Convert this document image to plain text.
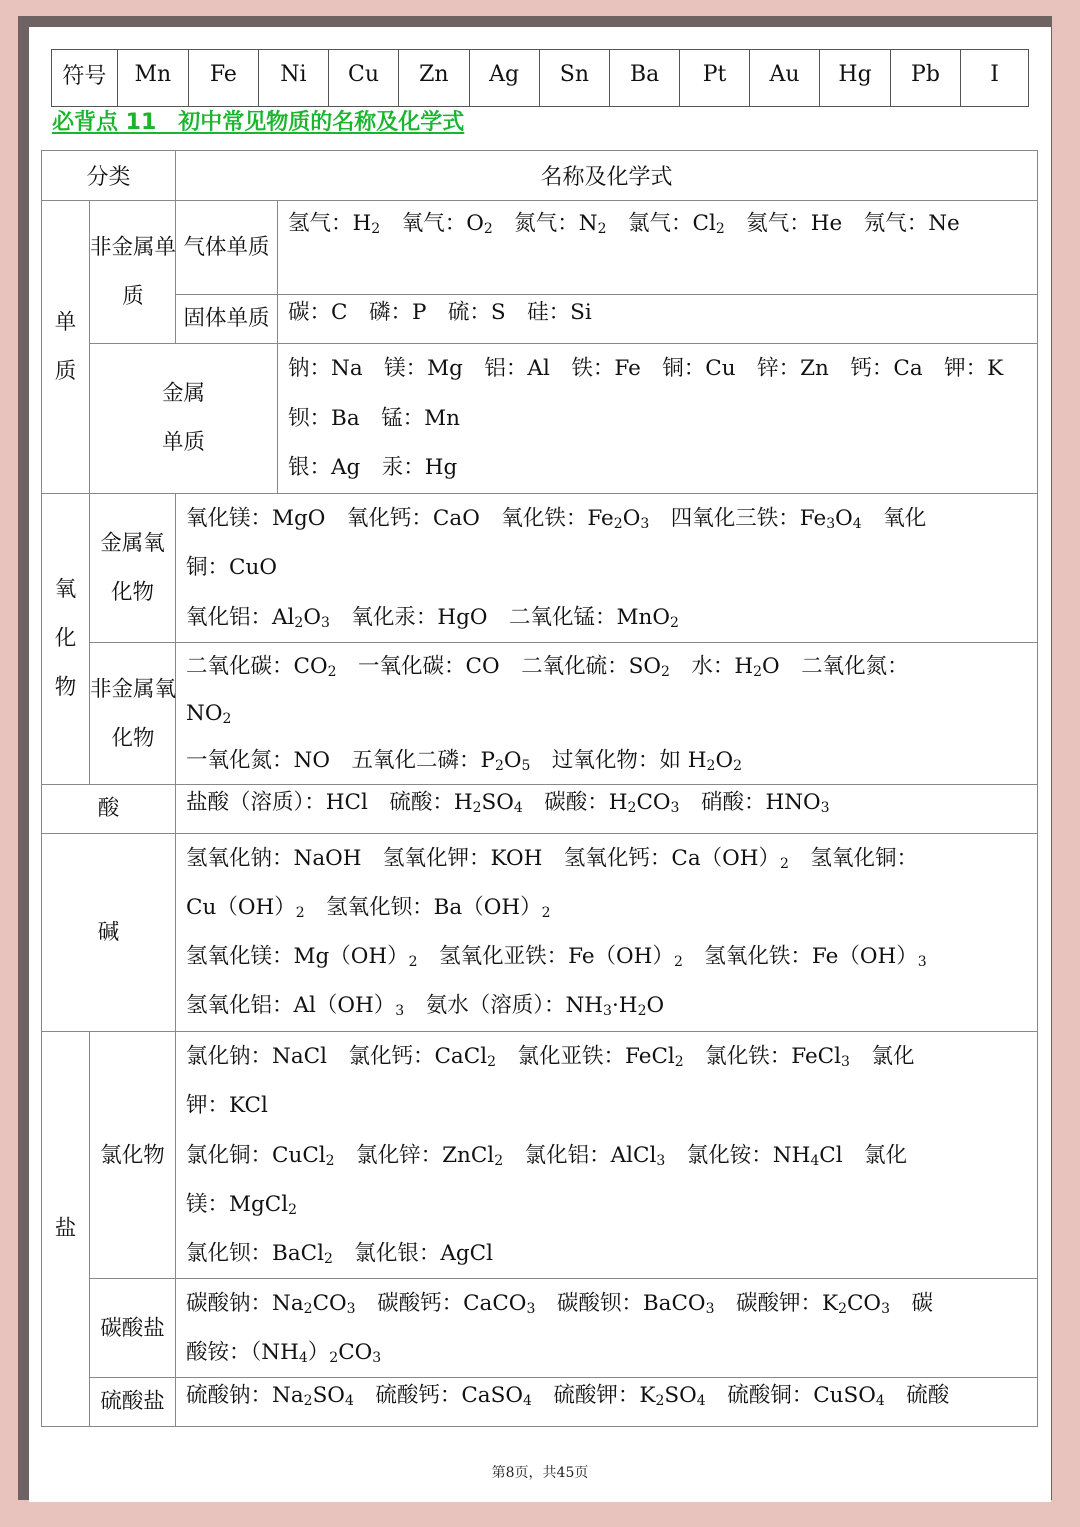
符号	Mn	Fe	Ni	Cu	Zn	Ag	Sn	Ba	Pt	Au	Hg	Pb	I
必背点 11　初中常见物质的名称及化学式
分类		名称及化学式	

单质	非金属单质	气体单质	氢气：$H_2$　氧气：$O_2$　氮气：$N_2$　氯气：$Cl_2$　氦气：He　氖气：Ne

		固体单质	碳：C　磷：P　硫：S　硅：Si

	金属单质		钠：Na　镁：Mg　铝：Al　铁：Fe　铜：Cu　锌：Zn　钙：Ca　钾：K
钡：Ba　锰：Mn
银：Ag　汞：Hg

氧化物	金属氧化物	氧化镁：MgO　氧化钙：CaO　氧化铁：$Fe_2O_3$　四氧化三铁：$Fe_3O_4$　氧化
铜：CuO
氧化铝：$Al_2O_3$　氧化汞：HgO　二氧化锰：MnO$_2$

	非金属氧化物	二氧化碳：$CO_2$　一氧化碳：CO　二氧化硫：$SO_2$　水：$H_2O$　二氧化氮：
$NO_2$
一氧化氮：NO　五氧化二磷：$P_2O_5$　过氧化物：如 $H_2O_2$

酸		盐酸（溶质）：HCl　硫酸：$H_2SO_4$　碳酸：$H_2CO_3$　硝酸：$HNO_3$

碱		氢氧化钠：NaOH　氢氧化钾：KOH　氢氧化钙：$Ca(OH)_2$　氢氧化铜：
$Cu(OH)_2$　氢氧化钡：$Ba(OH)_2$
氢氧化镁：$Mg(OH)_2$　氢氧化亚铁：$Fe(OH)_2$　氢氧化铁：$Fe(OH)_3$
氢氧化铝：$Al(OH)_3$　氨水（溶质）：$NH_3\cdot H_2O$	

盐	氯化物	氯化钠：NaCl　氯化钙：CaCl$_2$　氯化亚铁：FeCl$_2$　氯化铁：FeCl$_3$　氯化
钾：KCl
氯化铜：CuCl$_2$　氯化锌：ZnCl$_2$　氯化铝：AlCl$_3$　氯化铵：$NH_4Cl$　氯化
镁：MgCl$_2$
氯化钡：BaCl$_2$　氯化银：AgCl	

	碳酸盐	碳酸钠：$Na_2CO_3$　碳酸钙：CaCO$_3$　碳酸钡：BaCO$_3$　碳酸钾：$K_2CO_3$　碳
酸铵：$(NH_4)_2CO_3$

	硫酸盐	硫酸钠：$Na_2SO_4$　硫酸钙：CaSO$_4$　硫酸钾：$K_2SO_4$　硫酸铜：CuSO$_4$　硫酸	
第8页，共45页
